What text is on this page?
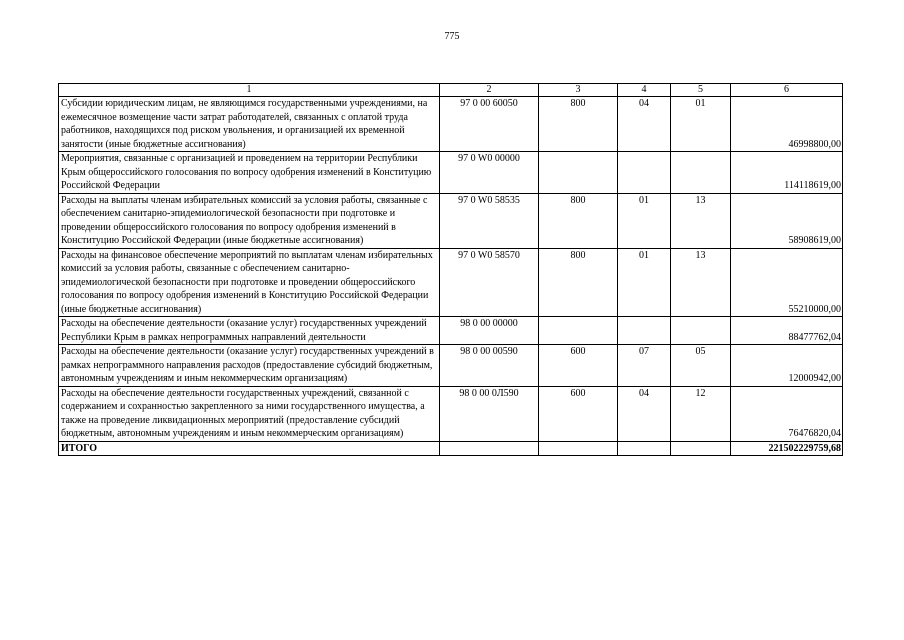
775
1	2	3	4	5	6
Субсидии юридическим лицам, не являющимся государственными учреждениями, на ежемесячное возмещение части затрат работодателей, связанных с оплатой труда работников, находящихся под риском увольнения, и организацией их временной занятости (иные бюджетные ассигнования)	97 0 00 60050	800	04	01	46998800,00
Мероприятия, связанные с организацией и проведением на территории Республики Крым общероссийского голосования по вопросу одобрения изменений в Конституцию Российской Федерации	97 0 W0 00000				114118619,00
Расходы на выплаты членам избирательных комиссий за условия работы, связанные с обеспечением санитарно-эпидемиологической безопасности при подготовке и проведении общероссийского голосования по вопросу одобрения изменений в Конституцию Российской Федерации (иные бюджетные ассигнования)	97 0 W0 58535	800	01	13	58908619,00
Расходы на финансовое обеспечение мероприятий по выплатам членам избирательных комиссий за условия работы, связанные с обеспечением санитарно-эпидемиологической безопасности при подготовке и проведении общероссийского голосования по вопросу одобрения изменений в Конституцию Российской Федерации (иные бюджетные ассигнования)	97 0 W0 58570	800	01	13	55210000,00
Расходы на обеспечение деятельности (оказание услуг) государственных учреждений Республики Крым в рамках непрограммных направлений деятельности	98 0 00 00000				88477762,04
Расходы на обеспечение деятельности (оказание услуг) государственных учреждений в рамках непрограммного направления расходов (предоставление субсидий бюджетным, автономным учреждениям и иным некоммерческим организациям)	98 0 00 00590	600	07	05	12000942,00
Расходы на обеспечение деятельности государственных учреждений, связанной с содержанием и сохранностью закрепленного за ними государственного имущества, а также на проведение ликвидационных мероприятий (предоставление субсидий бюджетным, автономным учреждениям и иным некоммерческим организациям)	98 0 00 0Л590	600	04	12	76476820,04
ИТОГО					221502229759,68
